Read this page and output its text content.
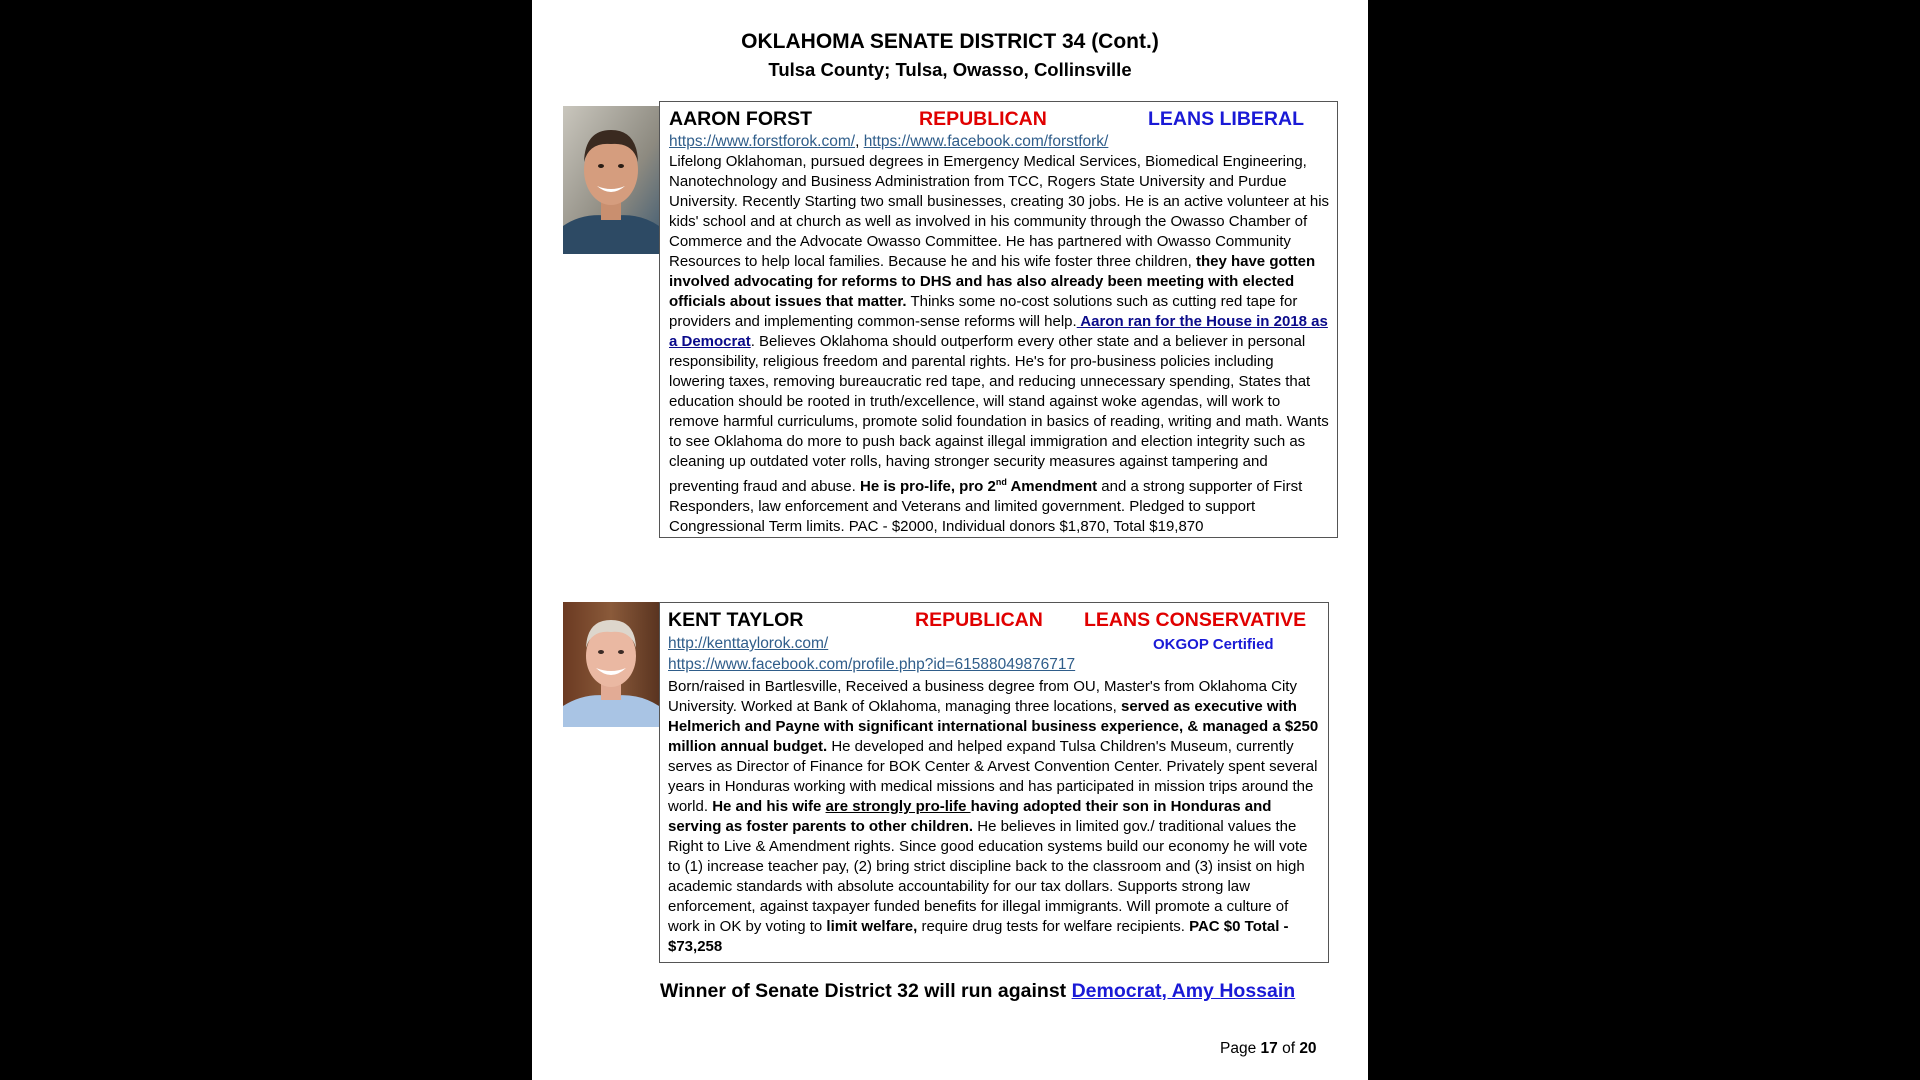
OKLAHOMA SENATE DISTRICT 34 (Cont.)
Tulsa County; Tulsa, Owasso, Collinsville
AARON FORST	REPUBLICAN	LEANS LIBERAL
https://www.forstforok.com/, https://www.facebook.com/forstfork/
Lifelong Oklahoman, pursued degrees in Emergency Medical Services, Biomedical Engineering, Nanotechnology and Business Administration from TCC, Rogers State University and Purdue University. Recently Starting two small businesses, creating 30 jobs. He is an active volunteer at his kids' school and at church as well as involved in his community through the Owasso Chamber of Commerce and the Advocate Owasso Committee. He has partnered with Owasso Community Resources to help local families. Because he and his wife foster three children, they have gotten involved advocating for reforms to DHS and has also already been meeting with elected officials about issues that matter. Thinks some no-cost solutions such as cutting red tape for providers and implementing common-sense reforms will help. Aaron ran for the House in 2018 as a Democrat. Believes Oklahoma should outperform every other state and a believer in personal responsibility, religious freedom and parental rights. He's for pro-business policies including lowering taxes, removing bureaucratic red tape, and reducing unnecessary spending, States that education should be rooted in truth/excellence, will stand against woke agendas, will work to remove harmful curriculums, promote solid foundation in basics of reading, writing and math. Wants to see Oklahoma do more to push back against illegal immigration and election integrity such as cleaning up outdated voter rolls, having stronger security measures against tampering and preventing fraud and abuse. He is pro-life, pro 2nd Amendment and a strong supporter of First Responders, law enforcement and Veterans and limited government. Pledged to support Congressional Term limits. PAC - $2000, Individual donors $1,870, Total $19,870
KENT TAYLOR	REPUBLICAN LEANS CONSERVATIVE
http://kenttaylorok.com/	OKGOP Certified
https://www.facebook.com/profile.php?id=61588049876717
Born/raised in Bartlesville, Received a business degree from OU, Master's from Oklahoma City University. Worked at Bank of Oklahoma, managing three locations, served as executive with Helmerich and Payne with significant international business experience, & managed a $250 million annual budget. He developed and helped expand Tulsa Children's Museum, currently serves as Director of Finance for BOK Center & Arvest Convention Center. Privately spent several years in Honduras working with medical missions and has participated in mission trips around the world. He and his wife are strongly pro-life having adopted their son in Honduras and serving as foster parents to other children. He believes in limited gov./ traditional values the Right to Live & Amendment rights. Since good education systems build our economy he will vote to (1) increase teacher pay, (2) bring strict discipline back to the classroom and (3) insist on high academic standards with absolute accountability for our tax dollars. Supports strong law enforcement, against taxpayer funded benefits for illegal immigrants. Will promote a culture of work in OK by voting to limit welfare, require drug tests for welfare recipients. PAC $0 Total - $73,258
Winner of Senate District 32 will run against Democrat, Amy Hossain
Page 17 of 20
